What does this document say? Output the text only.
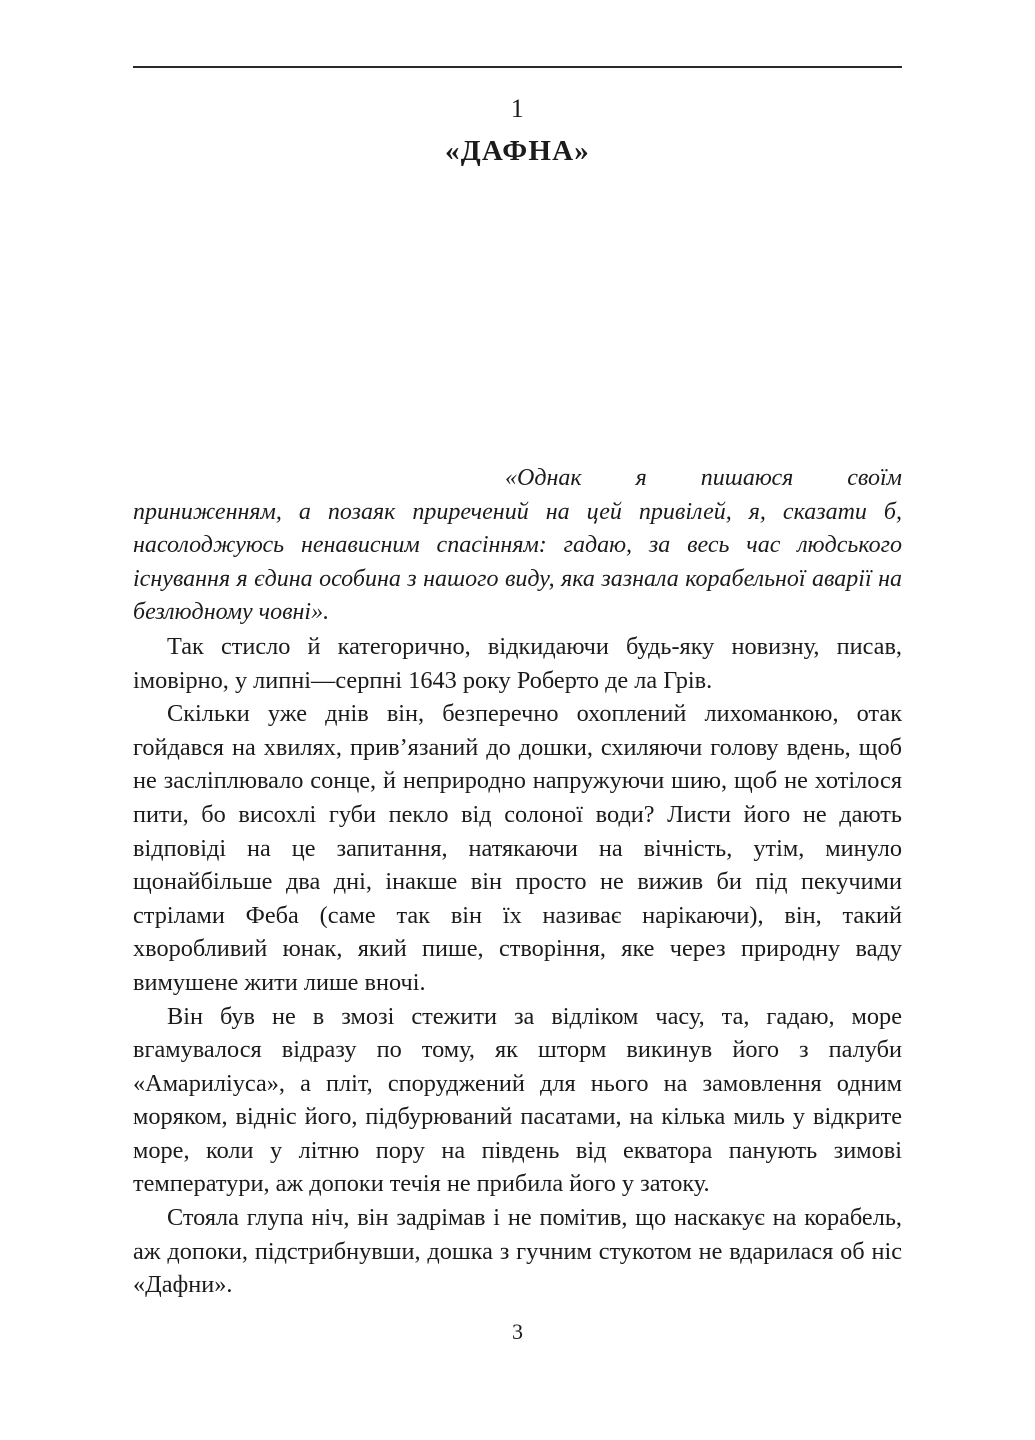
1
«ДАФНА»

«Однак я пишаюся своїм приниженням, а позаяк приречений на цей привілей, я, сказати б, насолоджуюсь ненависним спасінням: гадаю, за весь час людського існування я єдина особина з нашого виду, яка зазнала корабельної аварії на безлюдному човні».

Так стисло й категорично, відкидаючи будь-яку новизну, писав, імовірно, у липні—серпні 1643 року Роберто де ла Грів.

Скільки уже днів він, безперечно охоплений лихоманкою, отак гойдався на хвилях, прив’язаний до дошки, схиляючи голову вдень, щоб не засліплювало сонце, й неприродно напружуючи шию, щоб не хотілося пити, бо висохлі губи пекло від солоної води? Листи його не дають відповіді на це запитання, натякаючи на вічність, утім, минуло щонайбільше два дні, інакше він просто не вижив би під пекучими стрілами Феба (саме так він їх називає нарікаючи), він, такий хворобливий юнак, який пише, створіння, яке через природну ваду вимушене жити лише вночі.

Він був не в змозі стежити за відліком часу, та, гадаю, море вгамувалося відразу по тому, як шторм викинув його з палуби «Амариліуса», а пліт, споруджений для нього на замовлення одним моряком, відніс його, підбурюваний пасатами, на кілька миль у відкрите море, коли у літню пору на південь від екватора панують зимові температури, аж допоки течія не прибила його у затоку.

Стояла глупа ніч, він задрімав і не помітив, що наскакує на корабель, аж допоки, підстрибнувши, дошка з гучним стукотом не вдарилася об ніс «Дафни».

3
